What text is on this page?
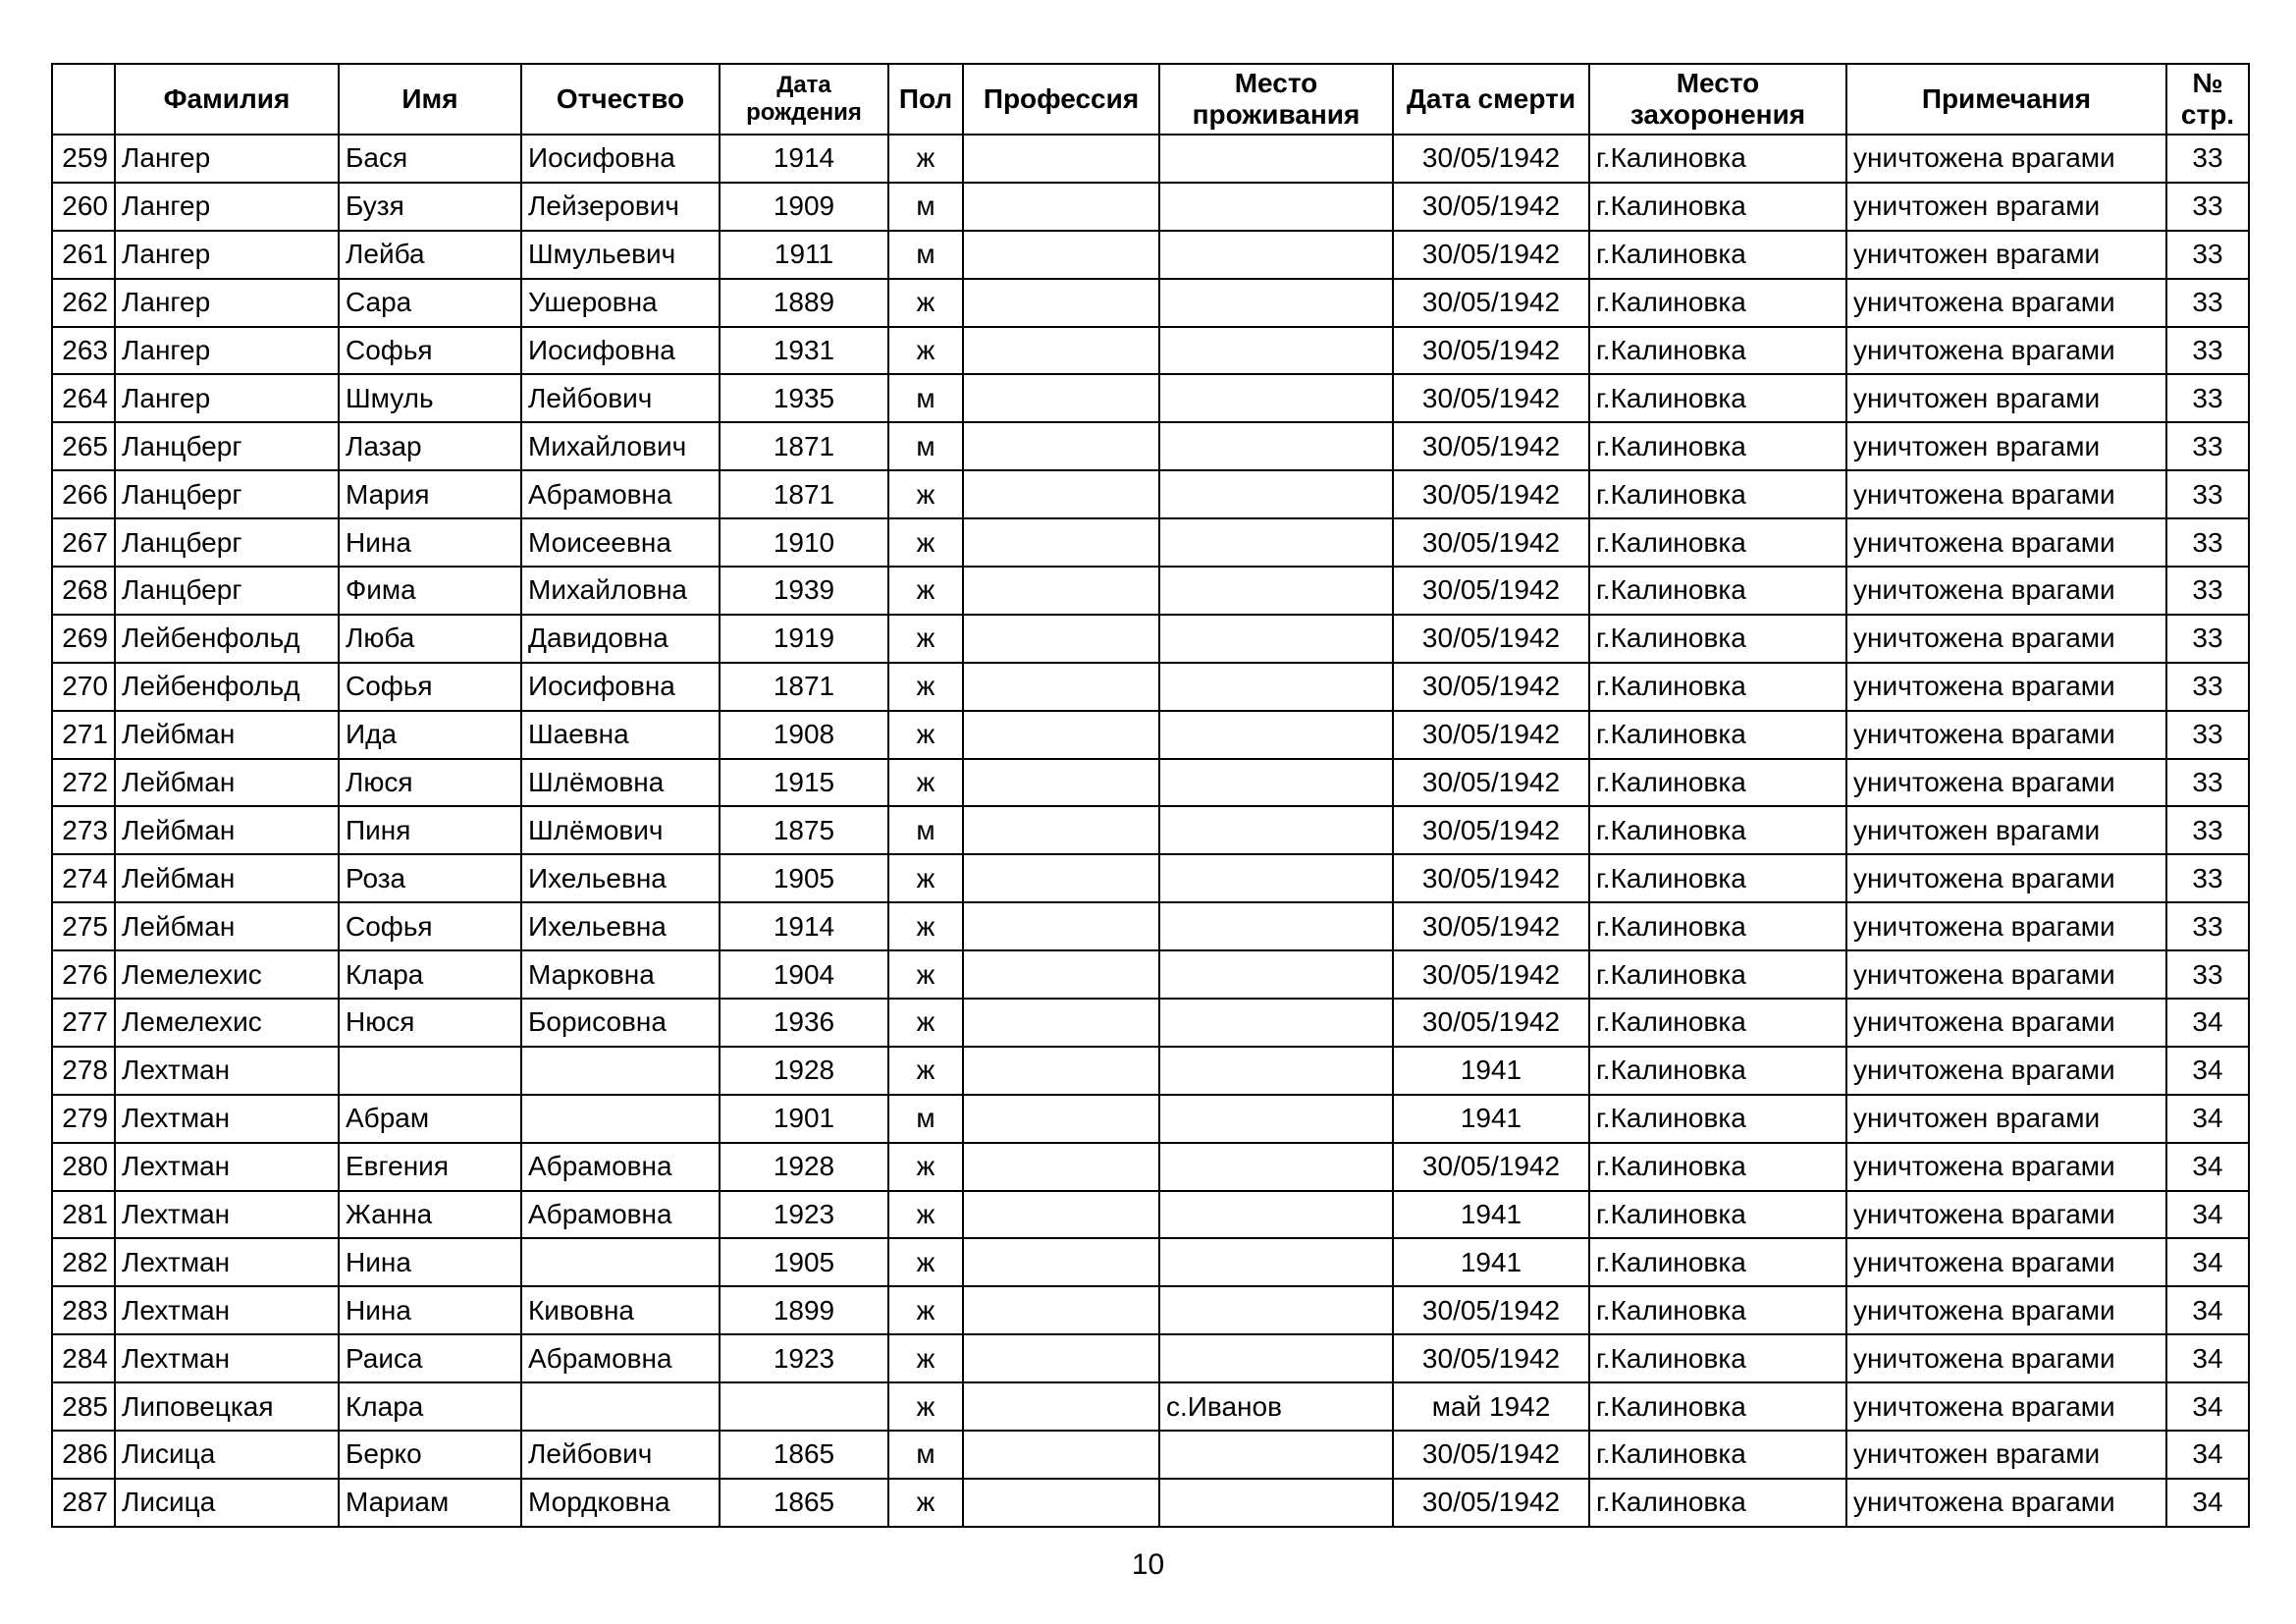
	Фамилия	Имя	Отчество	Дата
рождения	Пол	Профессия	Место
проживания	Дата смерти	Место
захоронения	Примечания	№
стр.

259	Лангер	Бася	Иосифовна	1914	ж			30/05/1942	г.Калиновка	уничтожена врагами	33
260	Лангер	Бузя	Лейзерович	1909	м			30/05/1942	г.Калиновка	уничтожен врагами	33
261	Лангер	Лейба	Шмульевич	1911	м			30/05/1942	г.Калиновка	уничтожен врагами	33
262	Лангер	Сара	Ушеровна	1889	ж			30/05/1942	г.Калиновка	уничтожена врагами	33
263	Лангер	Софья	Иосифовна	1931	ж			30/05/1942	г.Калиновка	уничтожена врагами	33
264	Лангер	Шмуль	Лейбович	1935	м			30/05/1942	г.Калиновка	уничтожен врагами	33
265	Ланцберг	Лазар	Михайлович	1871	м			30/05/1942	г.Калиновка	уничтожен врагами	33
266	Ланцберг	Мария	Абрамовна	1871	ж			30/05/1942	г.Калиновка	уничтожена врагами	33
267	Ланцберг	Нина	Моисеевна	1910	ж			30/05/1942	г.Калиновка	уничтожена врагами	33
268	Ланцберг	Фима	Михайловна	1939	ж			30/05/1942	г.Калиновка	уничтожена врагами	33
269	Лейбенфольд	Люба	Давидовна	1919	ж			30/05/1942	г.Калиновка	уничтожена врагами	33
270	Лейбенфольд	Софья	Иосифовна	1871	ж			30/05/1942	г.Калиновка	уничтожена врагами	33
271	Лейбман	Ида	Шаевна	1908	ж			30/05/1942	г.Калиновка	уничтожена врагами	33
272	Лейбман	Люся	Шлёмовна	1915	ж			30/05/1942	г.Калиновка	уничтожена врагами	33
273	Лейбман	Пиня	Шлёмович	1875	м			30/05/1942	г.Калиновка	уничтожен врагами	33
274	Лейбман	Роза	Ихельевна	1905	ж			30/05/1942	г.Калиновка	уничтожена врагами	33
275	Лейбман	Софья	Ихельевна	1914	ж			30/05/1942	г.Калиновка	уничтожена врагами	33
276	Лемелехис	Клара	Марковна	1904	ж			30/05/1942	г.Калиновка	уничтожена врагами	33
277	Лемелехис	Нюся	Борисовна	1936	ж			30/05/1942	г.Калиновка	уничтожена врагами	34
278	Лехтман			1928	ж			1941	г.Калиновка	уничтожена врагами	34
279	Лехтман	Абрам		1901	м			1941	г.Калиновка	уничтожен врагами	34
280	Лехтман	Евгения	Абрамовна	1928	ж			30/05/1942	г.Калиновка	уничтожена врагами	34
281	Лехтман	Жанна	Абрамовна	1923	ж			1941	г.Калиновка	уничтожена врагами	34
282	Лехтман	Нина		1905	ж			1941	г.Калиновка	уничтожена врагами	34
283	Лехтман	Нина	Кивовна	1899	ж			30/05/1942	г.Калиновка	уничтожена врагами	34
284	Лехтман	Раиса	Абрамовна	1923	ж			30/05/1942	г.Калиновка	уничтожена врагами	34
285	Липовецкая	Клара			ж		с.Иванов	май 1942	г.Калиновка	уничтожена врагами	34
286	Лисица	Берко	Лейбович	1865	м			30/05/1942	г.Калиновка	уничтожен врагами	34
287	Лисица	Мариам	Мордковна	1865	ж			30/05/1942	г.Калиновка	уничтожена врагами	34
10
